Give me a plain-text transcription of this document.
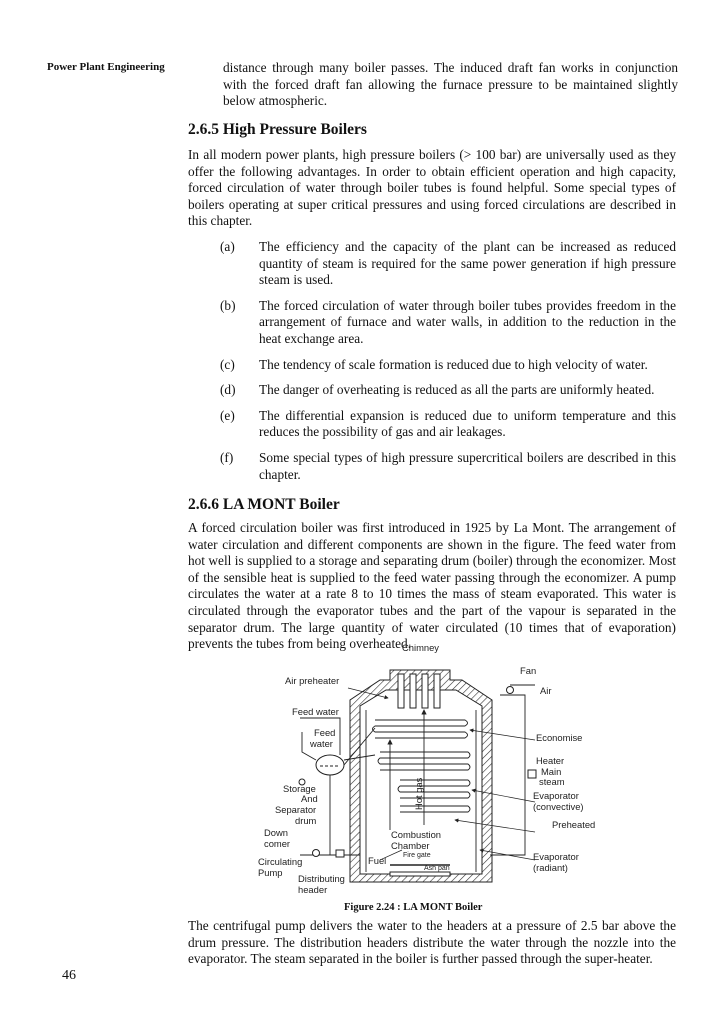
Power Plant Engineering	distance through many boiler passes. The induced draft fan works in conjunction with the forced draft fan allowing the furnace pressure to be maintained slightly below atmospheric.

2.6.5 High Pressure Boilers

In all modern power plants, high pressure boilers (> 100 bar) are universally used as they offer the following advantages. In order to obtain efficient operation and high capacity, forced circulation of water through boiler tubes is found helpful. Some special types of boilers operating at super critical pressures and using forced circulations are described in this chapter.

(a) The efficiency and the capacity of the plant can be increased as reduced quantity of steam is required for the same power generation if high pressure steam is used.
(b) The forced circulation of water through boiler tubes provides freedom in the arrangement of furnace and water walls, in addition to the reduction in the heat exchange area.
(c) The tendency of scale formation is reduced due to high velocity of water.
(d) The danger of overheating is reduced as all the parts are uniformly heated.
(e) The differential expansion is reduced due to uniform temperature and this reduces the possibility of gas and air leakages.
(f) Some special types of high pressure supercritical boilers are described in this chapter.

2.6.6 LA MONT Boiler

A forced circulation boiler was first introduced in 1925 by La Mont. The arrangement of water circulation and different components are shown in the figure. The feed water from hot well is supplied to a storage and separating drum (boiler) through the economizer. Most of the sensible heat is supplied to the feed water passing through the economizer. A pump circulates the water at a rate 8 to 10 times the mass of steam evaporated. This water is circulated through the evaporator tubes and the part of the vapour is separated in the separator drum. The large quantity of water circulated (10 times that of evaporation) prevents the tubes from being overheated.

Chimney
Fan
Air
Air preheater
Feed water
Feed
water
Economise
Heater
Main
steam
Storage
And
Separator
drum
Hot gas	Evaporator
(convective)
Preheated
Down
comer
Combustion
Chamber
Fire gate
Ash pan
Fuel
Circulating
Pump
Distributing
header
Evaporator
(radiant)
Figure 2.24 : LA MONT Boiler

The centrifugal pump delivers the water to the headers at a pressure of 2.5 bar above the drum pressure. The distribution headers distribute the water through the nozzle into the evaporator. The steam separated in the boiler is further passed through the super-heater.

46
